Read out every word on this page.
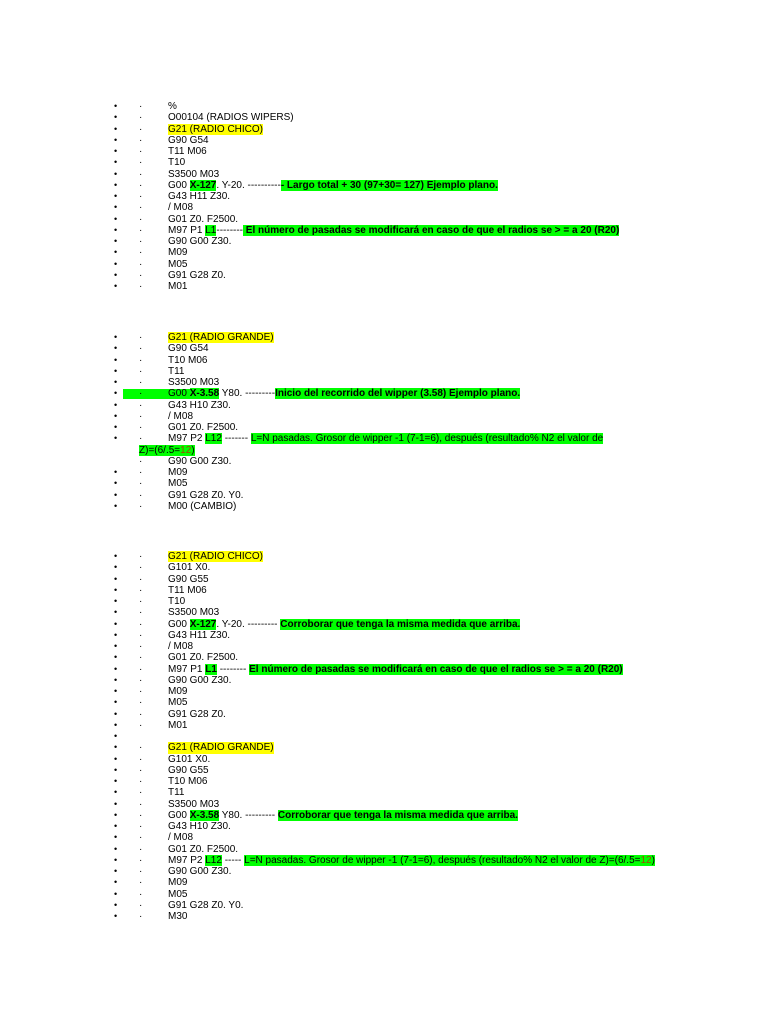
• ·	%
• ·	O00104 (RADIOS WIPERS)
• ·	G21 (RADIO CHICO)
• ·	G90 G54
• ·	T11 M06
• ·	T10
• ·	S3500 M03
• ·	G00 X-127. Y-20. ----------- Largo total + 30 (97+30= 127) Ejemplo plano.
• ·	G43 H11 Z30.
• ·	/ M08
• ·	G01 Z0. F2500.
• ·	M97 P1 L1-------- El número de pasadas se modificará en caso de que el radios se > = a 20 (R20)
• ·	G90 G00 Z30.
• ·	M09
• ·	M05
• ·	G91 G28 Z0.
• ·	M01
• ·	G21 (RADIO GRANDE)
• ·	G90 G54
• ·	T10 M06
• ·	T11
• ·	S3500 M03
• ·	G00 X-3.58 Y80. ---------Inicio del recorrido del wipper (3.58) Ejemplo plano.
• ·	G43 H10 Z30.
• ·	/ M08
• ·	G01 Z0. F2500.
• ·	M97 P2 L12 ------- L=N pasadas. Grosor de wipper -1 (7-1=6), después (resultado% N2 el valor de
Z)=(6/.5=12)
·	G90 G00 Z30.
• ·	M09
• ·	M05
• ·	G91 G28 Z0. Y0.
• ·	M00 (CAMBIO)
• ·	G21 (RADIO CHICO)
• ·	G101 X0.
• ·	G90 G55
• ·	T11 M06
• ·	T10
• ·	S3500 M03
• ·	G00 X-127. Y-20. --------- Corroborar que tenga la misma medida que arriba.
• ·	G43 H11 Z30.
• ·	/ M08
• ·	G01 Z0. F2500.
• ·	M97 P1 L1 -------- El número de pasadas se modificará en caso de que el radios se > = a 20 (R20)
• ·	G90 G00 Z30.
• ·	M09
• ·	M05
• ·	G91 G28 Z0.
• ·	M01
•
• ·	G21 (RADIO GRANDE)
• ·	G101 X0.
• ·	G90 G55
• ·	T10 M06
• ·	T11
• ·	S3500 M03
• ·	G00 X-3.58 Y80. --------- Corroborar que tenga la misma medida que arriba.
• ·	G43 H10 Z30.
• ·	/ M08
• ·	G01 Z0. F2500.
• ·	M97 P2 L12 ----- L=N pasadas. Grosor de wipper -1 (7-1=6), después (resultado% N2 el valor de Z)=(6/.5=12)
• ·	G90 G00 Z30.
• ·	M09
• ·	M05
• ·	G91 G28 Z0. Y0.
• ·	M30
